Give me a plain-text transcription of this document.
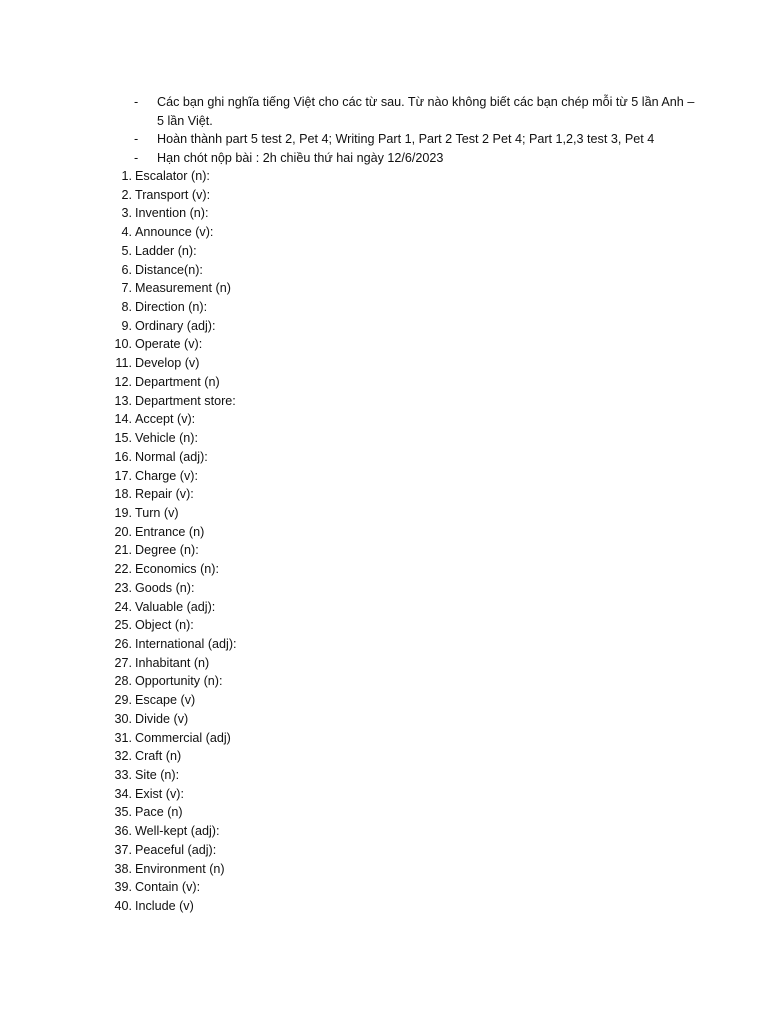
- Các bạn ghi nghĩa tiếng Việt cho các từ sau. Từ nào không biết các bạn chép mỗi từ 5 lần Anh – 5 lần Việt.
- Hoàn thành part 5 test 2, Pet 4; Writing Part 1, Part 2 Test 2 Pet 4; Part 1,2,3 test 3, Pet 4
- Hạn chót nộp bài : 2h chiều thứ hai ngày 12/6/2023
1. Escalator (n):
2. Transport (v):
3. Invention (n):
4. Announce (v):
5. Ladder (n):
6. Distance(n):
7. Measurement (n)
8. Direction (n):
9. Ordinary (adj):
10. Operate (v):
11. Develop (v)
12. Department (n)
13. Department store:
14. Accept (v):
15. Vehicle (n):
16. Normal (adj):
17. Charge (v):
18. Repair (v):
19. Turn (v)
20. Entrance (n)
21. Degree (n):
22. Economics (n):
23. Goods (n):
24. Valuable (adj):
25. Object (n):
26. International (adj):
27. Inhabitant (n)
28. Opportunity (n):
29. Escape (v)
30. Divide (v)
31. Commercial (adj)
32. Craft (n)
33. Site (n):
34. Exist (v):
35. Pace (n)
36. Well-kept (adj):
37. Peaceful (adj):
38. Environment (n)
39. Contain (v):
40. Include (v)
